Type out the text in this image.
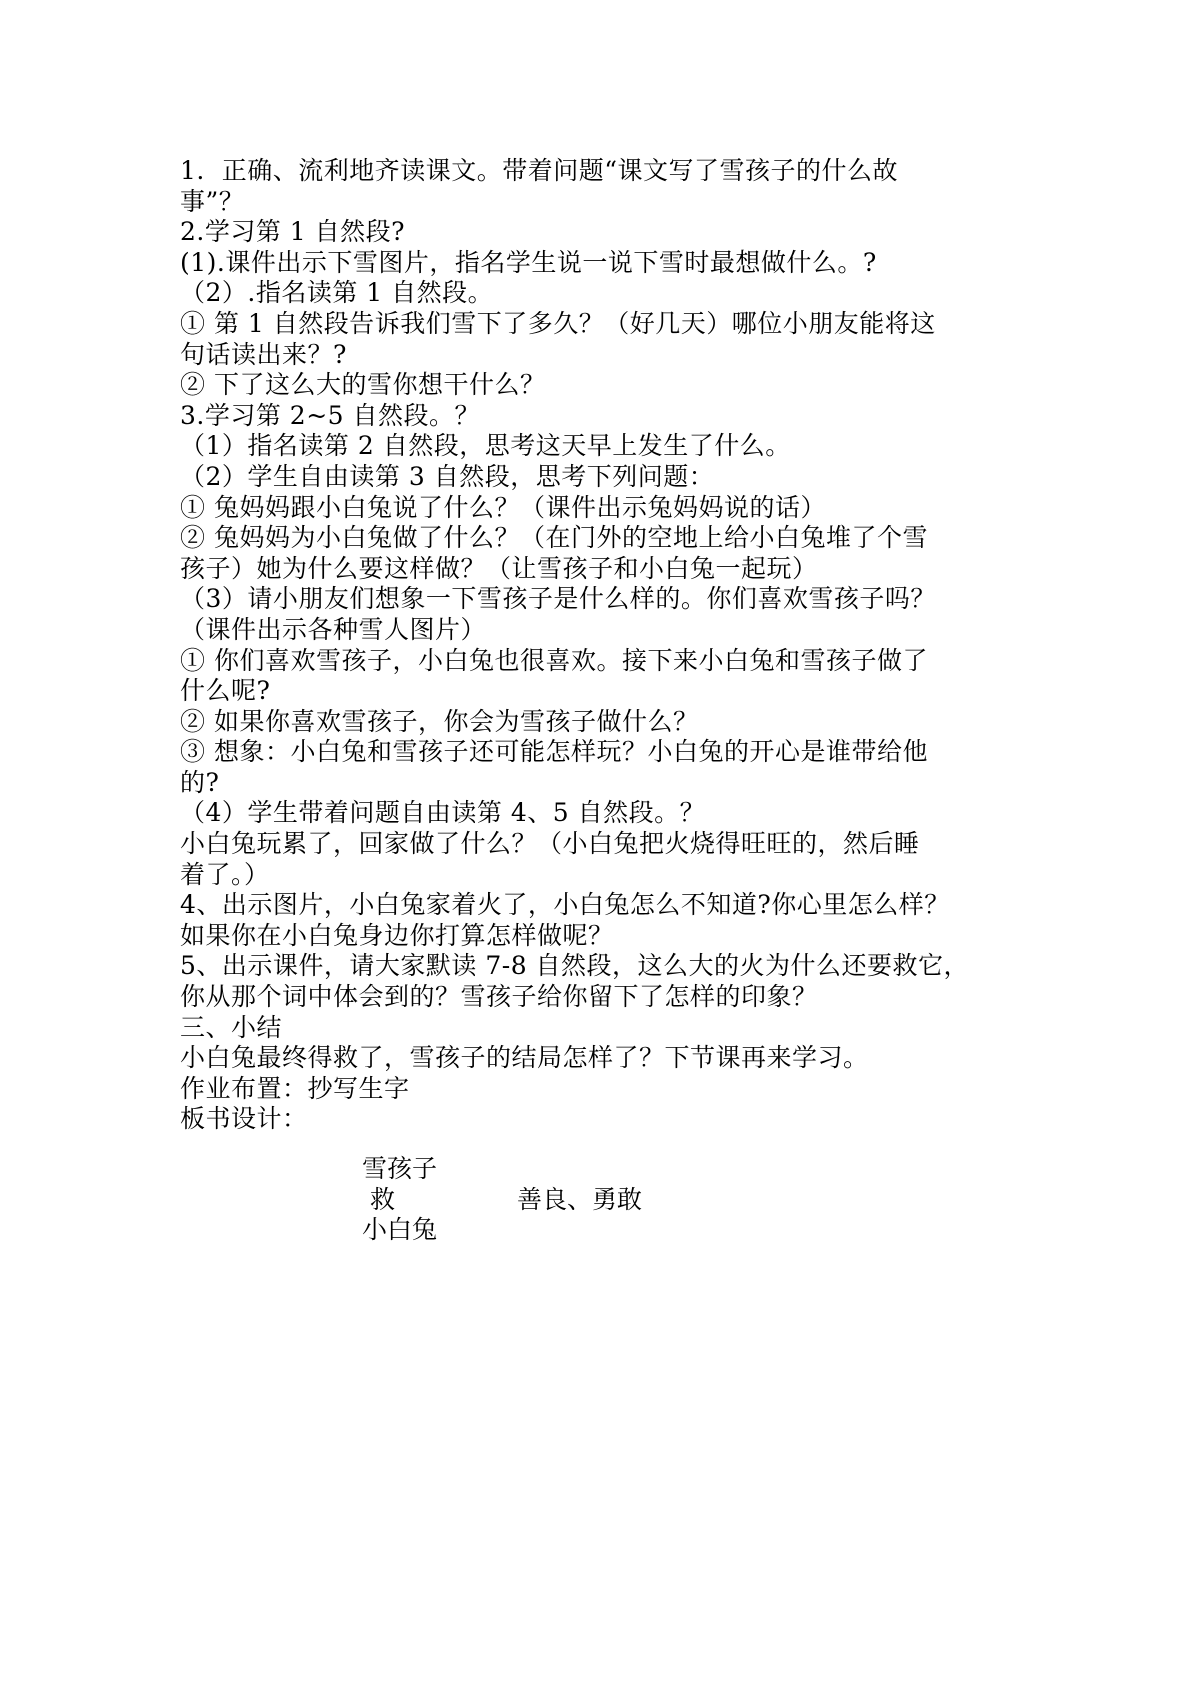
1.  正确、流利地齐读课文。带着问题“课文写了雪孩子的什么故
事”？
2.学习第 1 自然段?
(1).课件出示下雪图片，指名学生说一说下雪时最想做什么。?
（2）.指名读第 1 自然段。
① 第 1 自然段告诉我们雪下了多久？（好几天）哪位小朋友能将这
句话读出来？?
② 下了这么大的雪你想干什么？
3.学习第 2~5 自然段。？
（1）指名读第 2 自然段，思考这天早上发生了什么。
（2）学生自由读第 3 自然段，思考下列问题：
① 兔妈妈跟小白兔说了什么？（课件出示兔妈妈说的话）
② 兔妈妈为小白兔做了什么？（在门外的空地上给小白兔堆了个雪
孩子）她为什么要这样做？（让雪孩子和小白兔一起玩）
（3）请小朋友们想象一下雪孩子是什么样的。你们喜欢雪孩子吗？
（课件出示各种雪人图片）
① 你们喜欢雪孩子，小白兔也很喜欢。接下来小白兔和雪孩子做了
什么呢?
② 如果你喜欢雪孩子，你会为雪孩子做什么？
③ 想象：小白兔和雪孩子还可能怎样玩？小白兔的开心是谁带给他
的?
（4）学生带着问题自由读第 4、5 自然段。？
小白兔玩累了，回家做了什么？（小白兔把火烧得旺旺的，然后睡
着了。）
4、出示图片，小白兔家着火了，小白兔怎么不知道?你心里怎么样？
如果你在小白兔身边你打算怎样做呢？
5、出示课件，请大家默读 7-8 自然段，这么大的火为什么还要救它，
你从那个词中体会到的？雪孩子给你留下了怎样的印象？
三、小结
小白兔最终得救了，雪孩子的结局怎样了？下节课再来学习。
作业布置：抄写生字
板书设计：
雪孩子
救	善良、勇敢
小白兔
